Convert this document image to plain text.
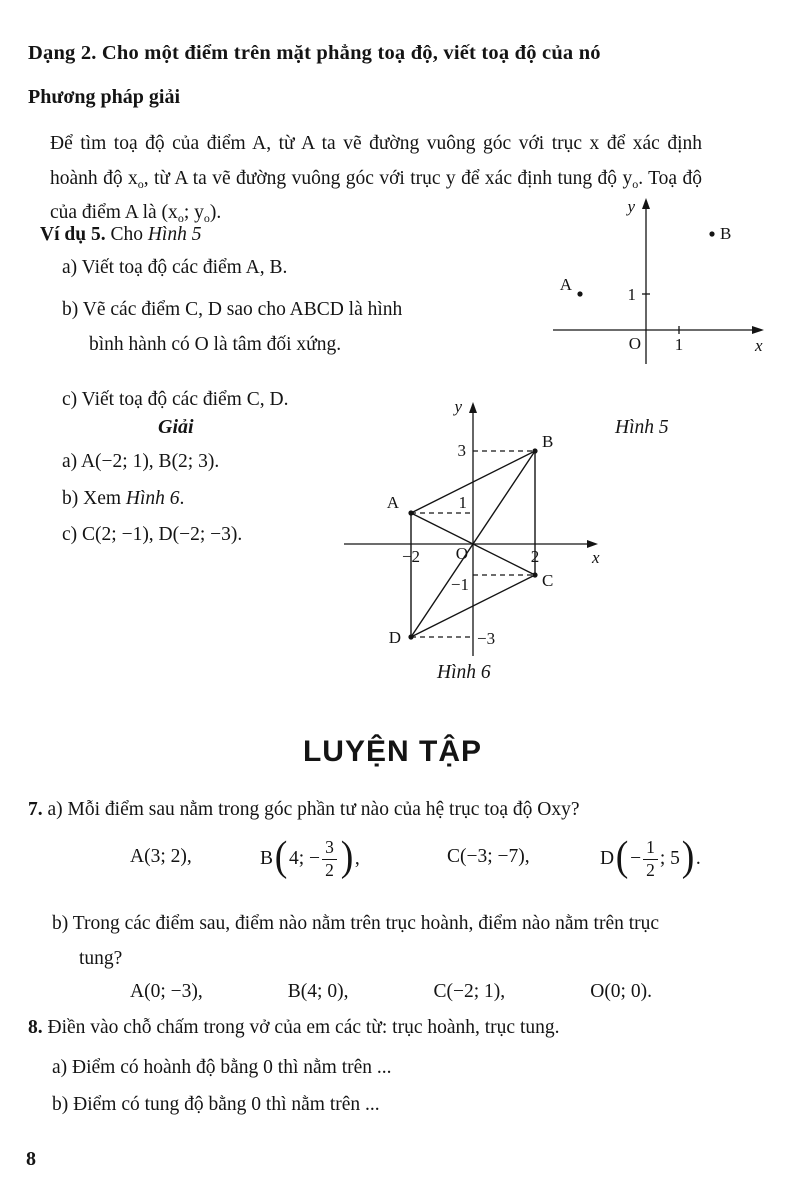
Dạng 2. Cho một điểm trên mặt phẳng toạ độ, viết toạ độ của nó
Phương pháp giải
Để tìm toạ độ của điểm A, từ A ta vẽ đường vuông góc với trục x để xác định hoành độ $x_o$, từ A ta vẽ đường vuông góc với trục y để xác định tung độ $y_o$. Toạ độ của điểm A là ($x_o$; $y_o$).
Ví dụ 5. Cho Hình 5
a) Viết toạ độ các điểm A, B.
b) Vẽ các điểm C, D sao cho ABCD là hình bình hành có O là tâm đối xứng.
c) Viết toạ độ các điểm C, D.
y
x
O 1
1
A
B
Hình 5
Giải
a) A(−2; 1), B(2; 3).
b) Xem Hình 6.
c) C(2; −1), D(−2; −3).
y
x
O
−2	2
3
1
−1
−3
A
B
C
D
Hình 6
LUYỆN TẬP
7. a) Mỗi điểm sau nằm trong góc phần tư nào của hệ trục toạ độ Oxy?
A(3; 2),	B ( 4; − $\frac{3}{2}$ ) ,	C(−3; −7),	D ( − $\frac{1}{2}$ ; 5 ) .
b) Trong các điểm sau, điểm nào nằm trên trục hoành, điểm nào nằm trên trục tung?
A(0; −3),	B(4; 0),	C(−2; 1),	O(0; 0).
8. Điền vào chỗ chấm trong vở của em các từ: trục hoành, trục tung.
a) Điểm có hoành độ bằng 0 thì nằm trên ...
b) Điểm có tung độ bằng 0 thì nằm trên ...
8
